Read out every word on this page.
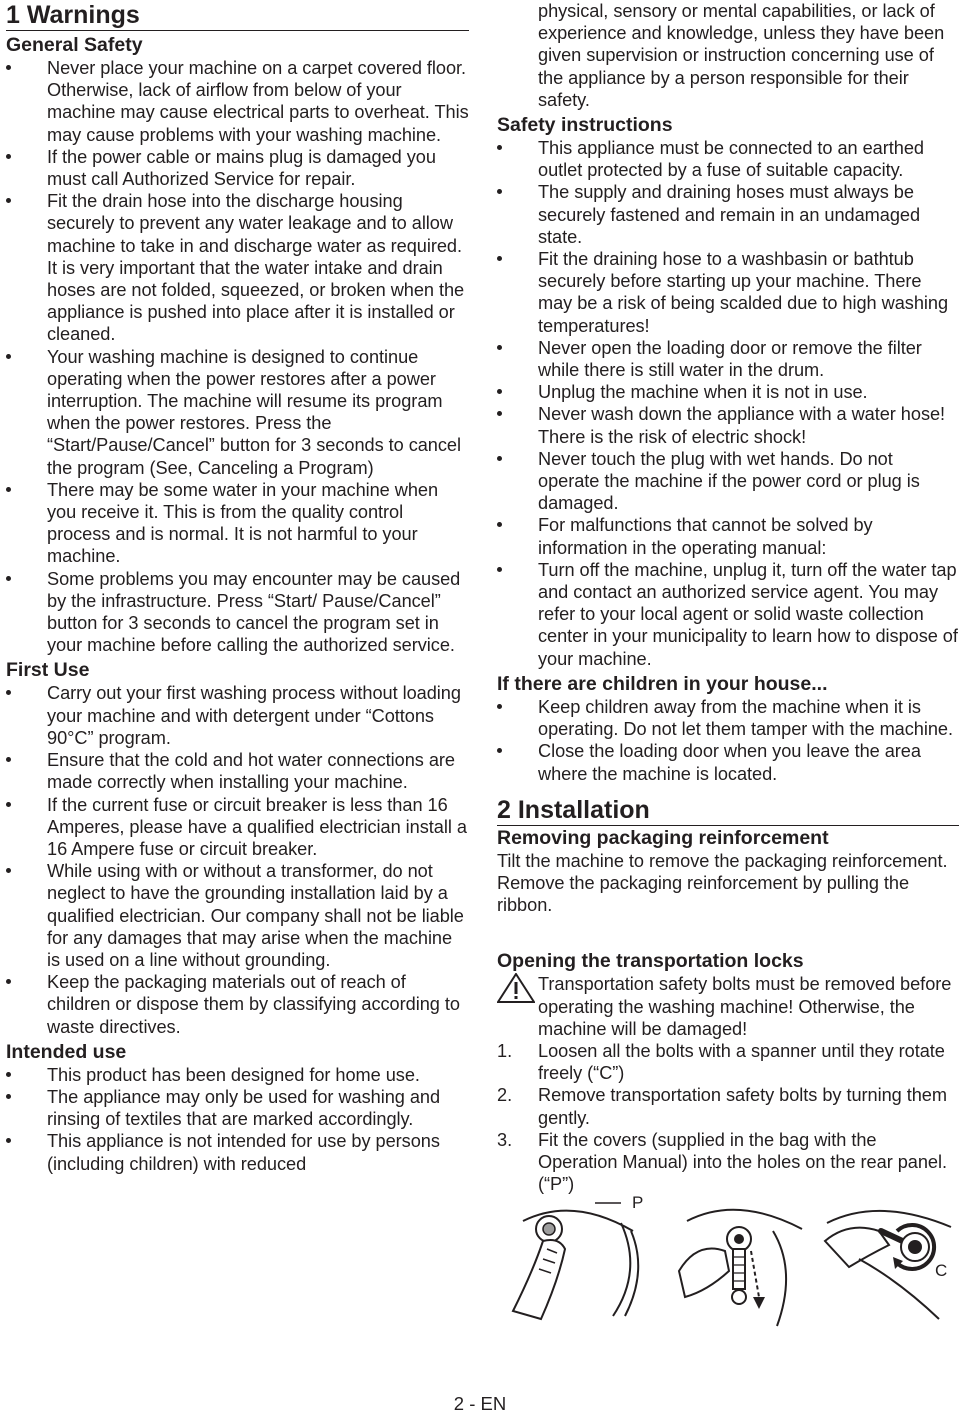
1 Warnings
General Safety
Never place your machine on a carpet covered floor. Otherwise, lack of airflow from below of your machine may cause electrical parts to overheat. This may cause problems with your washing machine.
If the power cable or mains plug is damaged you must call Authorized Service for repair.
Fit the drain hose into the discharge housing securely to prevent any water leakage and to allow machine to take in and discharge water as required. It is very important that the water intake and drain hoses are not folded, squeezed, or broken when the appliance is pushed into place after it is installed or cleaned.
Your washing machine is designed to continue operating when the power restores after a power interruption. The machine will resume its program when the power restores. Press the “Start/Pause/Cancel” button for 3 seconds to cancel the program (See, Canceling a Program)
There may be some water in your machine when you receive it. This is from the quality control process and is normal. It is not harmful to your machine.
Some problems you may encounter may be caused by the infrastructure. Press “Start/ Pause/Cancel” button for 3 seconds to cancel the program set in your machine before calling the authorized service.
First Use
Carry out your first washing process without loading your machine and with detergent under “Cottons 90°C” program.
Ensure that the cold and hot water connections are made correctly when installing your machine.
If the current fuse or circuit breaker is less than 16 Amperes, please have a qualified electrician install a 16 Ampere fuse or circuit breaker.
While using with or without a transformer, do not neglect to have the grounding installation laid by a qualified electrician. Our company shall not be liable for any damages that may arise when the machine is used on a line without grounding.
Keep the packaging materials out of reach of children or dispose them by classifying according to waste directives.
Intended use
This product has been designed for home use.
The appliance may only be used for washing and rinsing of textiles that are marked accordingly.
This appliance is not intended for use by persons (including children) with reduced

physical, sensory or mental capabilities, or lack of experience and knowledge, unless they have been given supervision or instruction concerning use of the appliance by a person responsible for their safety.

Safety instructions
This appliance must be connected to an earthed outlet protected by a fuse of suitable capacity.
The supply and draining hoses must always be securely fastened and remain in an undamaged state.
Fit the draining hose to a washbasin or bathtub securely before starting up your machine. There may be a risk of being scalded due to high washing temperatures!
Never open the loading door or remove the filter while there is still water in the drum.
Unplug the machine when it is not in use.
Never wash down the appliance with a water hose! There is the risk of electric shock!
Never touch the plug with wet hands. Do not operate the machine if the power cord or plug is damaged.
For malfunctions that cannot be solved by information in the operating manual:
Turn off the machine, unplug it, turn off the water tap and contact an authorized service agent. You may refer to your local agent or solid waste collection center in your municipality to learn how to dispose of your machine.
If there are children in your house...
Keep children away from the machine when it is operating. Do not let them tamper with the machine.
Close the loading door when you leave the area where the machine is located.
2 Installation
Removing packaging reinforcement

Tilt the machine to remove the packaging reinforcement. Remove the packaging reinforcement by pulling the ribbon.

Opening the transportation locks
Transportation safety bolts must be removed before operating the washing machine! Otherwise, the machine will be damaged!
1. Loosen all the bolts with a spanner until they rotate freely (“C”)
2. Remove transportation safety bolts by turning them gently.
3. Fit the covers (supplied in the bag with the Operation Manual) into the holes on the rear panel. (“P”)
P
C
2 - EN
